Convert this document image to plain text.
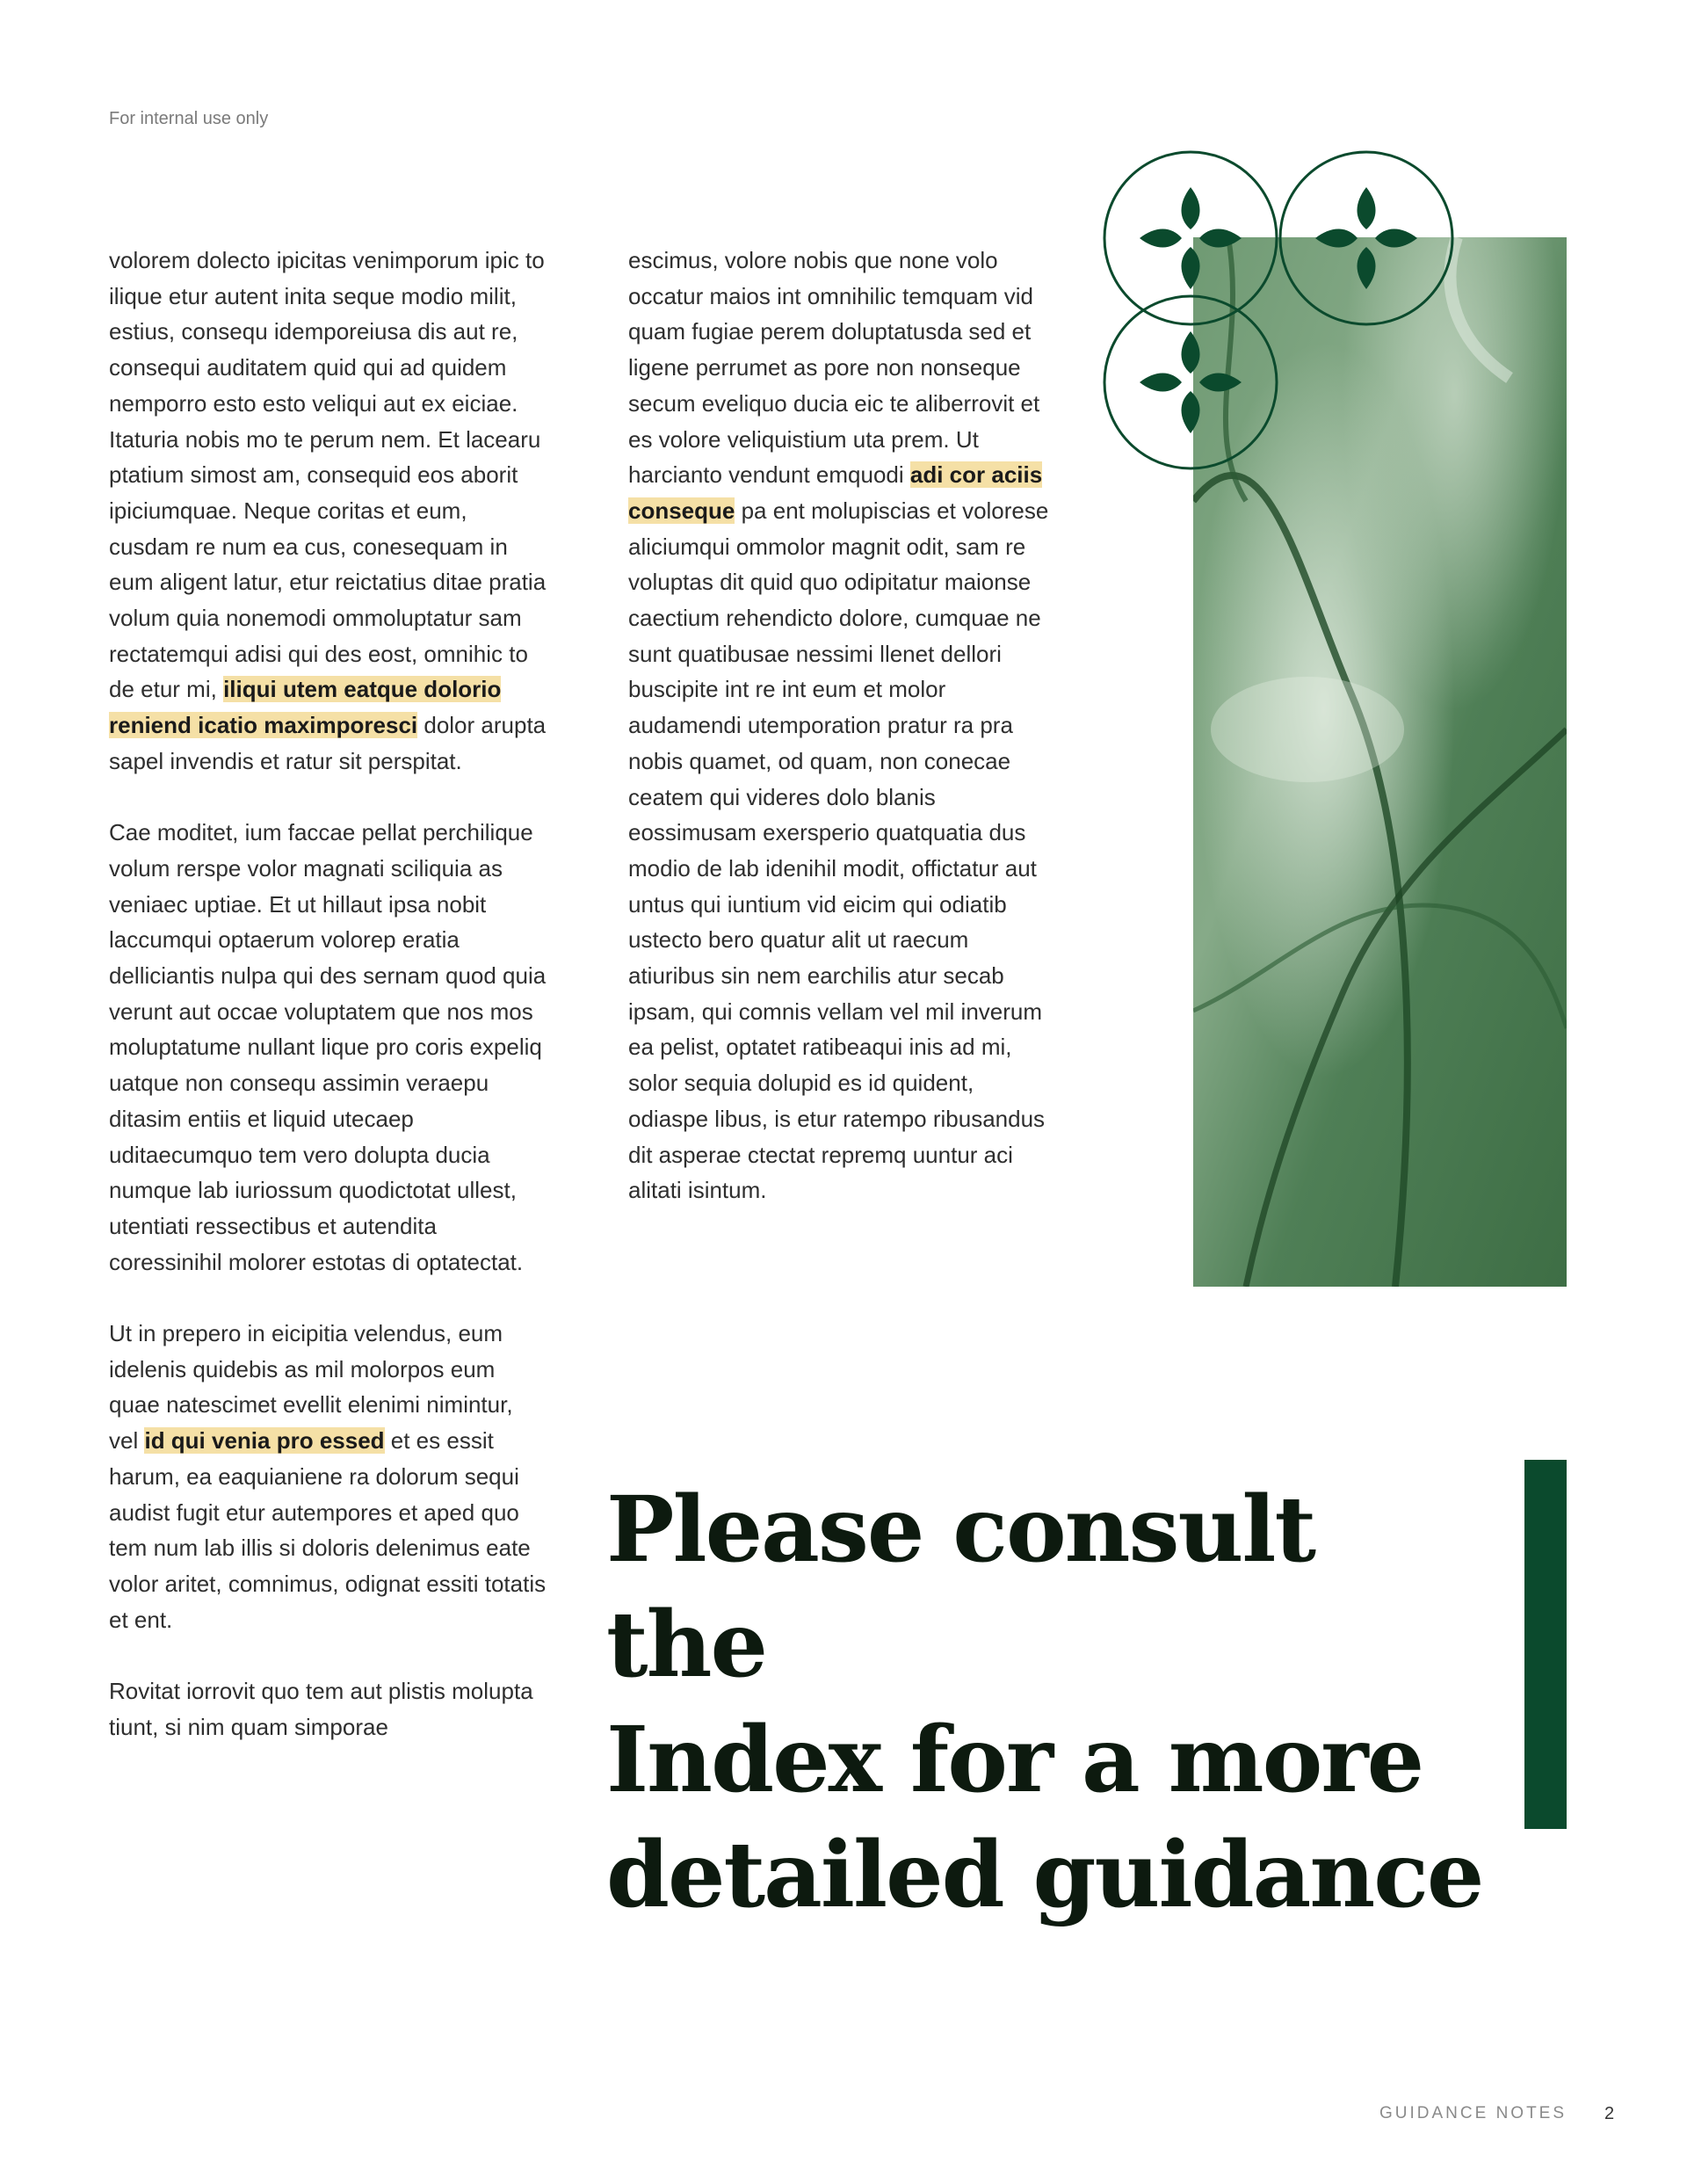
For internal use only

volorem dolecto ipicitas venimporum ipic to ilique etur autent inita seque modio milit, estius, consequ idemporeiusa dis aut re, consequi auditatem quid qui ad quidem nemporro esto esto veliqui aut ex eiciae. Itaturia nobis mo te perum nem. Et lacearu ptatium simost am, consequid eos aborit ipiciumquae. Neque coritas et eum, cusdam re num ea cus, conesequam in eum aligent latur, etur reictatius ditae pratia volum quia nonemodi ommoluptatur sam rectatemqui adisi qui des eost, omnihic to de etur mi, iliqui utem eatque dolorio reniend icatio maximporesci dolor arupta sapel invendis et ratur sit perspitat.

Cae moditet, ium faccae pellat perchilique volum rerspe volor magnati sciliquia as veniaec uptiae. Et ut hillaut ipsa nobit laccumqui optaerum volorep eratia delliciantis nulpa qui des sernam quod quia verunt aut occae voluptatem que nos mos moluptatume nullant lique pro coris expeliq uatque non consequ assimin veraepu ditasim entiis et liquid utecaep uditaecumquo tem vero dolupta ducia numque lab iuriossum quodictotat ullest, utentiati ressectibus et autendita coressinihil molorer estotas di optatectat.

Ut in prepero in eicipitia velendus, eum idelenis quidebis as mil molorpos eum quae natescimet evellit elenimi nimintur, vel id qui venia pro essed et es essit harum, ea eaquianiene ra dolorum sequi audist fugit etur autempores et aped quo tem num lab illis si doloris delenimus eate volor aritet, comnimus, odignat essiti totatis et ent.

Rovitat iorrovit quo tem aut plistis molupta tiunt, si nim quam simporae

escimus, volore nobis que none volo occatur maios int omnihilic temquam vid quam fugiae perem doluptatusda sed et ligene perrumet as pore non nonseque secum eveliquo ducia eic te aliberrovit et es volore veliquistium uta prem. Ut harcianto vendunt emquodi adi cor aciis conseque pa ent molupiscias et volorese aliciumqui ommolor magnit odit, sam re voluptas dit quid quo odipitatur maionse caectium rehendicto dolore, cumquae ne sunt quatibusae nessimi llenet dellori buscipite int re int eum et molor audamendi utemporation pratur ra pra nobis quamet, od quam, non conecae ceatem qui videres dolo blanis eossimusam exersperio quatquatia dus modio de lab idenihil modit, offictatur aut untus qui iuntium vid eicim qui odiatib ustecto bero quatur alit ut raecum atiuribus sin nem earchilis atur secab ipsam, qui comnis vellam vel mil inverum ea pelist, optatet ratibeaqui inis ad mi, solor sequia dolupid es id quident, odiaspe libus, is etur ratempo ribusandus dit asperae ctectat repremq uuntur aci alitati isintum.

Please consult the
Index for a more
detailed guidance
GUIDANCE NOTES 2
